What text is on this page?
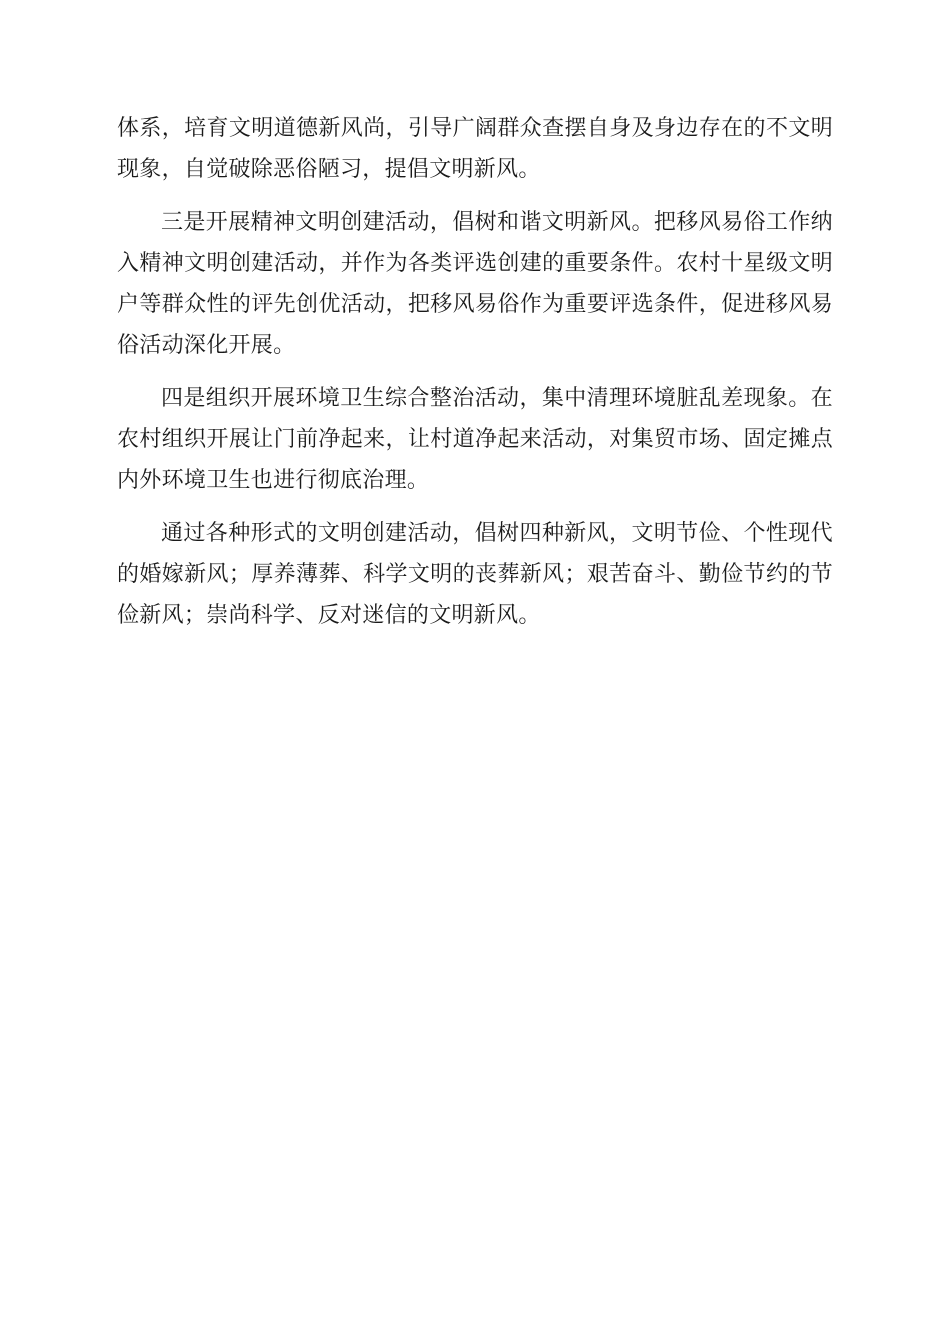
体系，培育文明道德新风尚，引导广阔群众查摆自身及身边存在的不文明现象，自觉破除恶俗陋习，提倡文明新风。

三是开展精神文明创建活动，倡树和谐文明新风。把移风易俗工作纳入精神文明创建活动，并作为各类评选创建的重要条件。农村十星级文明户等群众性的评先创优活动，把移风易俗作为重要评选条件，促进移风易俗活动深化开展。

四是组织开展环境卫生综合整治活动，集中清理环境脏乱差现象。在农村组织开展让门前净起来，让村道净起来活动，对集贸市场、固定摊点内外环境卫生也进行彻底治理。

通过各种形式的文明创建活动，倡树四种新风，文明节俭、个性现代的婚嫁新风；厚养薄葬、科学文明的丧葬新风；艰苦奋斗、勤俭节约的节俭新风；崇尚科学、反对迷信的文明新风。
